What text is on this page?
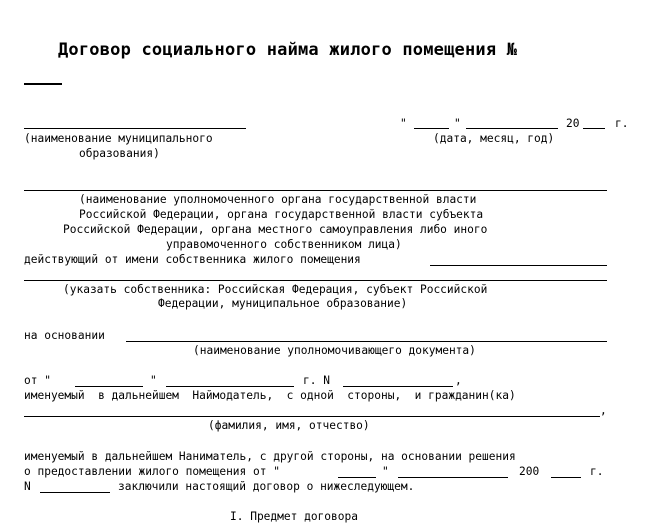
Договор социального найма жилого помещения №
"	"	20	г.
(наименование муниципального
образования)
(дата, месяц, год)
(наименование уполномоченного органа государственной власти
Российской Федерации, органа государственной власти субъекта
Российской Федерации, органа местного самоуправления либо иного
управомоченного собственником лица)
действующий от имени собственника жилого помещения
(указать собственника: Российская Федерация, субъект Российской
Федерации, муниципальное образование)
на основании
(наименование уполномочивающего документа)
от "	"	г. N	,
именуемый  в дальнейшем  Наймодатель,  с одной  стороны,  и гражданин(ка)
,
(фамилия, имя, отчество)
именуемый в дальнейшем Наниматель, с другой стороны, на основании решения
о предоставлении жилого помещения от "	"	200	г.
N	заключили настоящий договор о нижеследующем.
I. Предмет договора
